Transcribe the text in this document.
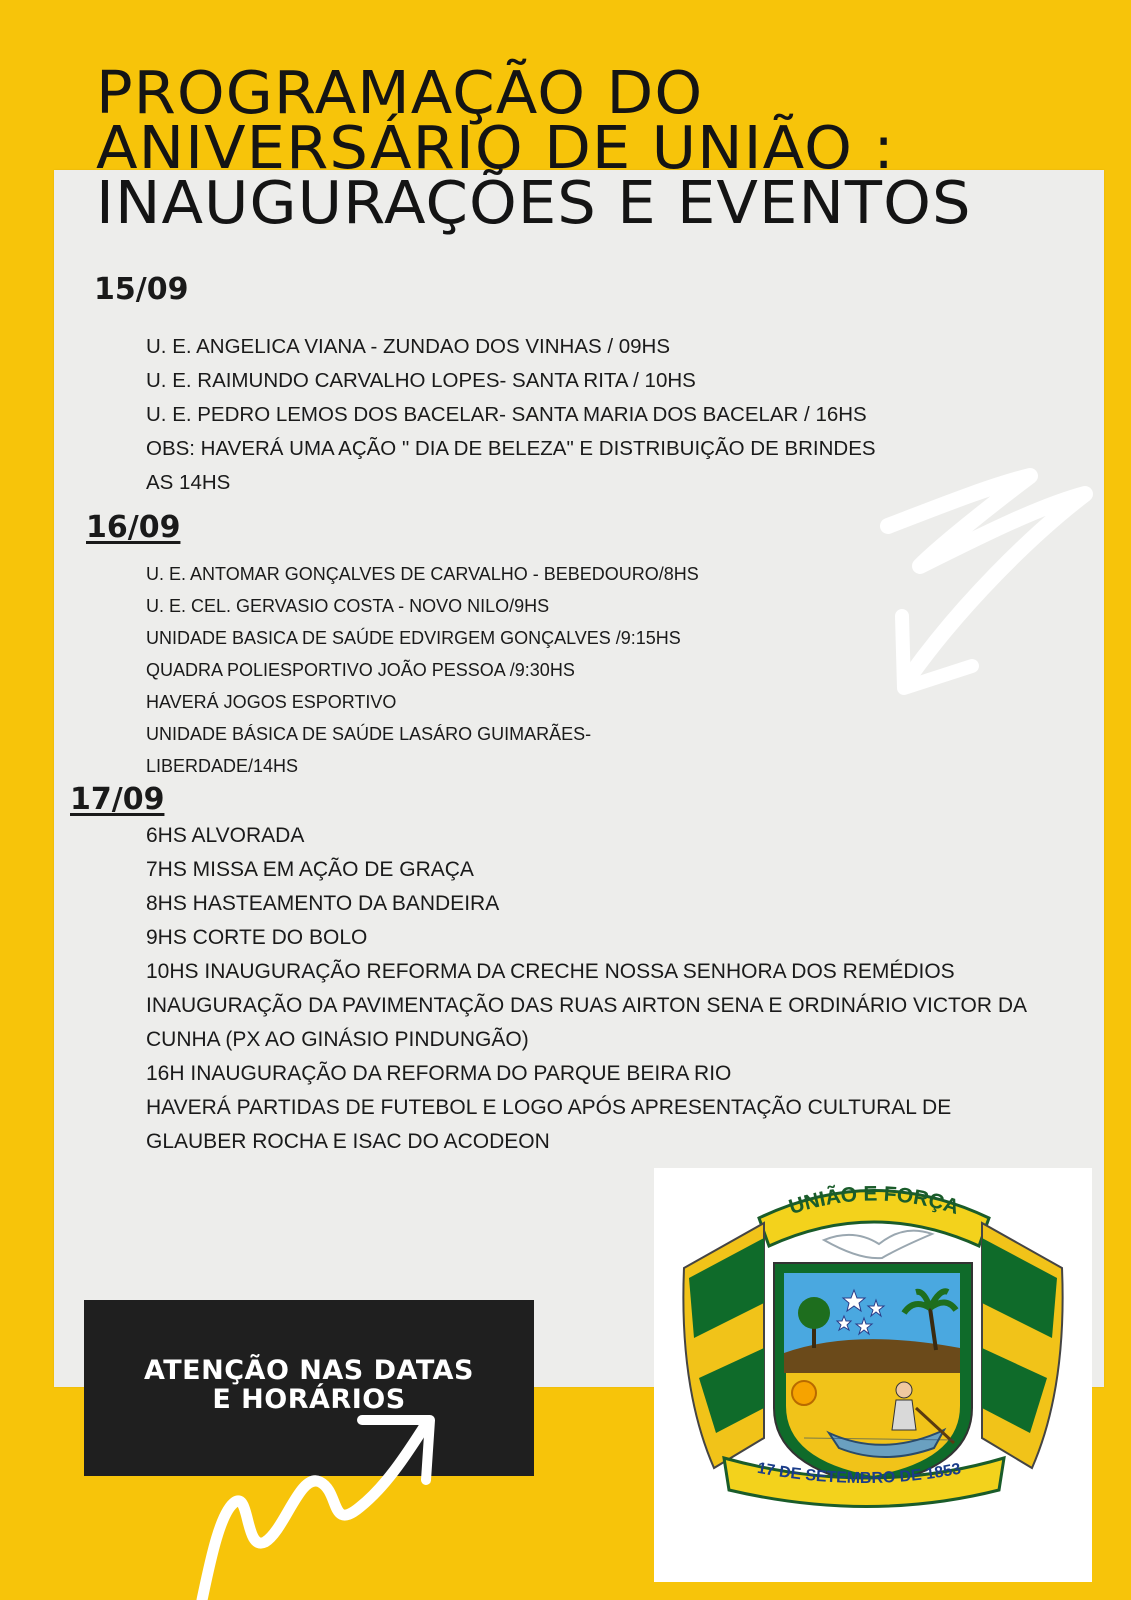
PROGRAMAÇÃO DO ANIVERSÁRIO DE UNIÃO :
INAUGURAÇÕES E EVENTOS
15/09
U. E. ANGELICA VIANA - ZUNDAO DOS VINHAS / 09HS
U. E. RAIMUNDO CARVALHO LOPES- SANTA RITA / 10HS
U. E. PEDRO LEMOS DOS BACELAR- SANTA MARIA DOS BACELAR / 16HS
OBS: HAVERÁ UMA AÇÃO " DIA DE BELEZA" E DISTRIBUIÇÃO DE BRINDES
AS 14HS
16/09
U. E. ANTOMAR GONÇALVES DE CARVALHO - BEBEDOURO/8HS
U. E. CEL. GERVASIO COSTA - NOVO NILO/9HS
UNIDADE BASICA DE SAÚDE EDVIRGEM GONÇALVES /9:15HS
QUADRA POLIESPORTIVO JOÃO PESSOA /9:30HS
HAVERÁ JOGOS ESPORTIVO
UNIDADE BÁSICA DE SAÚDE LASÁRO GUIMARÃES-
LIBERDADE/14HS
17/09
6HS ALVORADA
7HS MISSA EM AÇÃO DE GRAÇA
8HS HASTEAMENTO DA BANDEIRA
9HS CORTE DO BOLO
10HS INAUGURAÇÃO REFORMA DA CRECHE NOSSA SENHORA DOS REMÉDIOS
INAUGURAÇÃO DA PAVIMENTAÇÃO DAS RUAS AIRTON SENA E ORDINÁRIO VICTOR DA
CUNHA (PX AO GINÁSIO PINDUNGÃO)
16H INAUGURAÇÃO DA REFORMA DO PARQUE BEIRA RIO
HAVERÁ PARTIDAS DE FUTEBOL E LOGO APÓS APRESENTAÇÃO CULTURAL DE
GLAUBER ROCHA E ISAC DO ACODEON
ATENÇÃO NAS DATAS
E HORÁRIOS
UNIÃO E FORÇA
17 DE SETEMBRO DE 1853
